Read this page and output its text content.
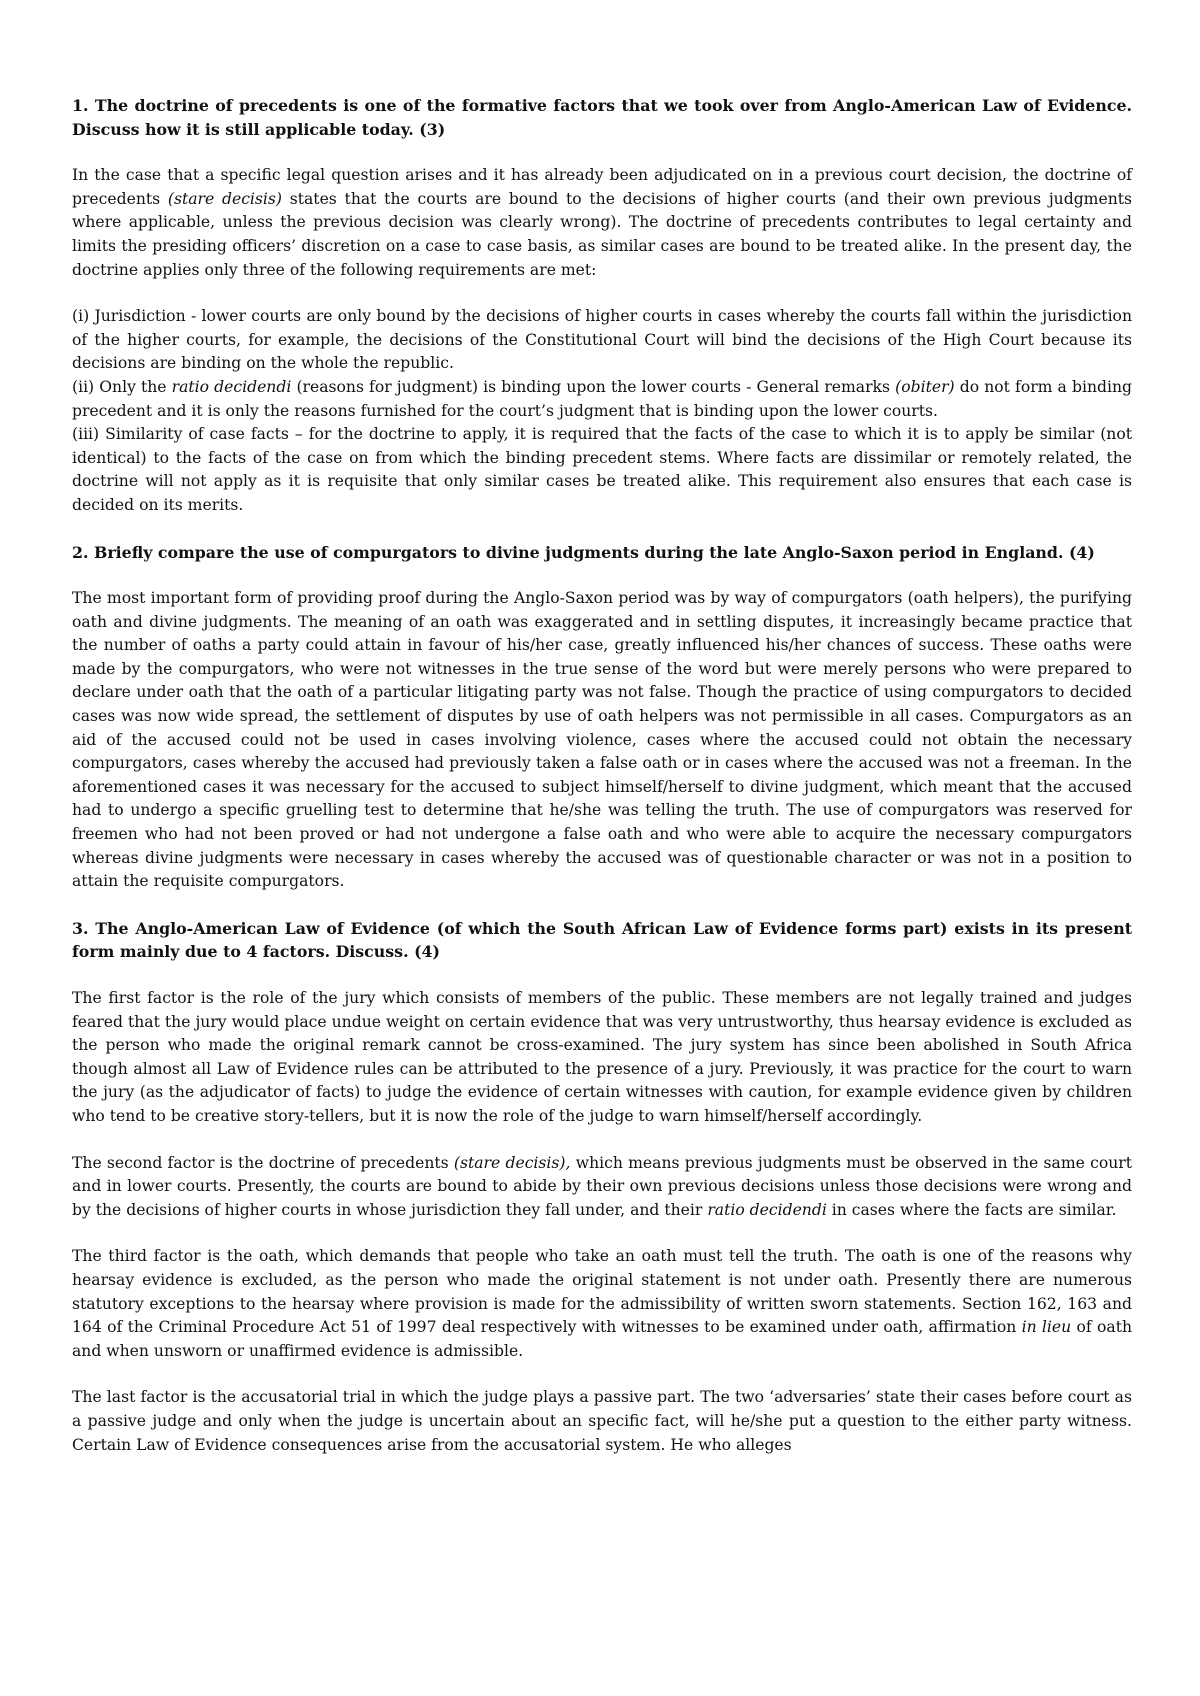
1. The doctrine of precedents is one of the formative factors that we took over from Anglo-American Law of Evidence. Discuss how it is still applicable today. (3)

In the case that a specific legal question arises and it has already been adjudicated on in a previous court decision, the doctrine of precedents (stare decisis) states that the courts are bound to the decisions of higher courts (and their own previous judgments where applicable, unless the previous decision was clearly wrong). The doctrine of precedents contributes to legal certainty and limits the presiding officers’ discretion on a case to case basis, as similar cases are bound to be treated alike. In the present day, the doctrine applies only three of the following requirements are met:

(i) Jurisdiction - lower courts are only bound by the decisions of higher courts in cases whereby the courts fall within the jurisdiction of the higher courts, for example, the decisions of the Constitutional Court will bind the decisions of the High Court because its decisions are binding on the whole the republic.

(ii) Only the ratio decidendi (reasons for judgment) is binding upon the lower courts - General remarks (obiter) do not form a binding precedent and it is only the reasons furnished for the court’s judgment that is binding upon the lower courts.

(iii) Similarity of case facts – for the doctrine to apply, it is required that the facts of the case to which it is to apply be similar (not identical) to the facts of the case on from which the binding precedent stems. Where facts are dissimilar or remotely related, the doctrine will not apply as it is requisite that only similar cases be treated alike. This requirement also ensures that each case is decided on its merits.

2. Briefly compare the use of compurgators to divine judgments during the late Anglo-Saxon period in England. (4)

The most important form of providing proof during the Anglo-Saxon period was by way of compurgators (oath helpers), the purifying oath and divine judgments. The meaning of an oath was exaggerated and in settling disputes, it increasingly became practice that the number of oaths a party could attain in favour of his/her case, greatly influenced his/her chances of success. These oaths were made by the compurgators, who were not witnesses in the true sense of the word but were merely persons who were prepared to declare under oath that the oath of a particular litigating party was not false. Though the practice of using compurgators to decided cases was now wide spread, the settlement of disputes by use of oath helpers was not permissible in all cases. Compurgators as an aid of the accused could not be used in cases involving violence, cases where the accused could not obtain the necessary compurgators, cases whereby the accused had previously taken a false oath or in cases where the accused was not a freeman. In the aforementioned cases it was necessary for the accused to subject himself/herself to divine judgment, which meant that the accused had to undergo a specific gruelling test to determine that he/she was telling the truth. The use of compurgators was reserved for freemen who had not been proved or had not undergone a false oath and who were able to acquire the necessary compurgators whereas divine judgments were necessary in cases whereby the accused was of questionable character or was not in a position to attain the requisite compurgators.

3. The Anglo-American Law of Evidence (of which the South African Law of Evidence forms part) exists in its present form mainly due to 4 factors. Discuss. (4)

The first factor is the role of the jury which consists of members of the public. These members are not legally trained and judges feared that the jury would place undue weight on certain evidence that was very untrustworthy, thus hearsay evidence is excluded as the person who made the original remark cannot be cross-examined. The jury system has since been abolished in South Africa though almost all Law of Evidence rules can be attributed to the presence of a jury. Previously, it was practice for the court to warn the jury (as the adjudicator of facts) to judge the evidence of certain witnesses with caution, for example evidence given by children who tend to be creative story-tellers, but it is now the role of the judge to warn himself/herself accordingly.

The second factor is the doctrine of precedents (stare decisis), which means previous judgments must be observed in the same court and in lower courts. Presently, the courts are bound to abide by their own previous decisions unless those decisions were wrong and by the decisions of higher courts in whose jurisdiction they fall under, and their ratio decidendi in cases where the facts are similar.

The third factor is the oath, which demands that people who take an oath must tell the truth. The oath is one of the reasons why hearsay evidence is excluded, as the person who made the original statement is not under oath. Presently there are numerous statutory exceptions to the hearsay where provision is made for the admissibility of written sworn statements. Section 162, 163 and 164 of the Criminal Procedure Act 51 of 1997 deal respectively with witnesses to be examined under oath, affirmation in lieu of oath and when unsworn or unaffirmed evidence is admissible.

The last factor is the accusatorial trial in which the judge plays a passive part. The two ‘adversaries’ state their cases before court as a passive judge and only when the judge is uncertain about an specific fact, will he/she put a question to the either party witness. Certain Law of Evidence consequences arise from the accusatorial system. He who alleges
